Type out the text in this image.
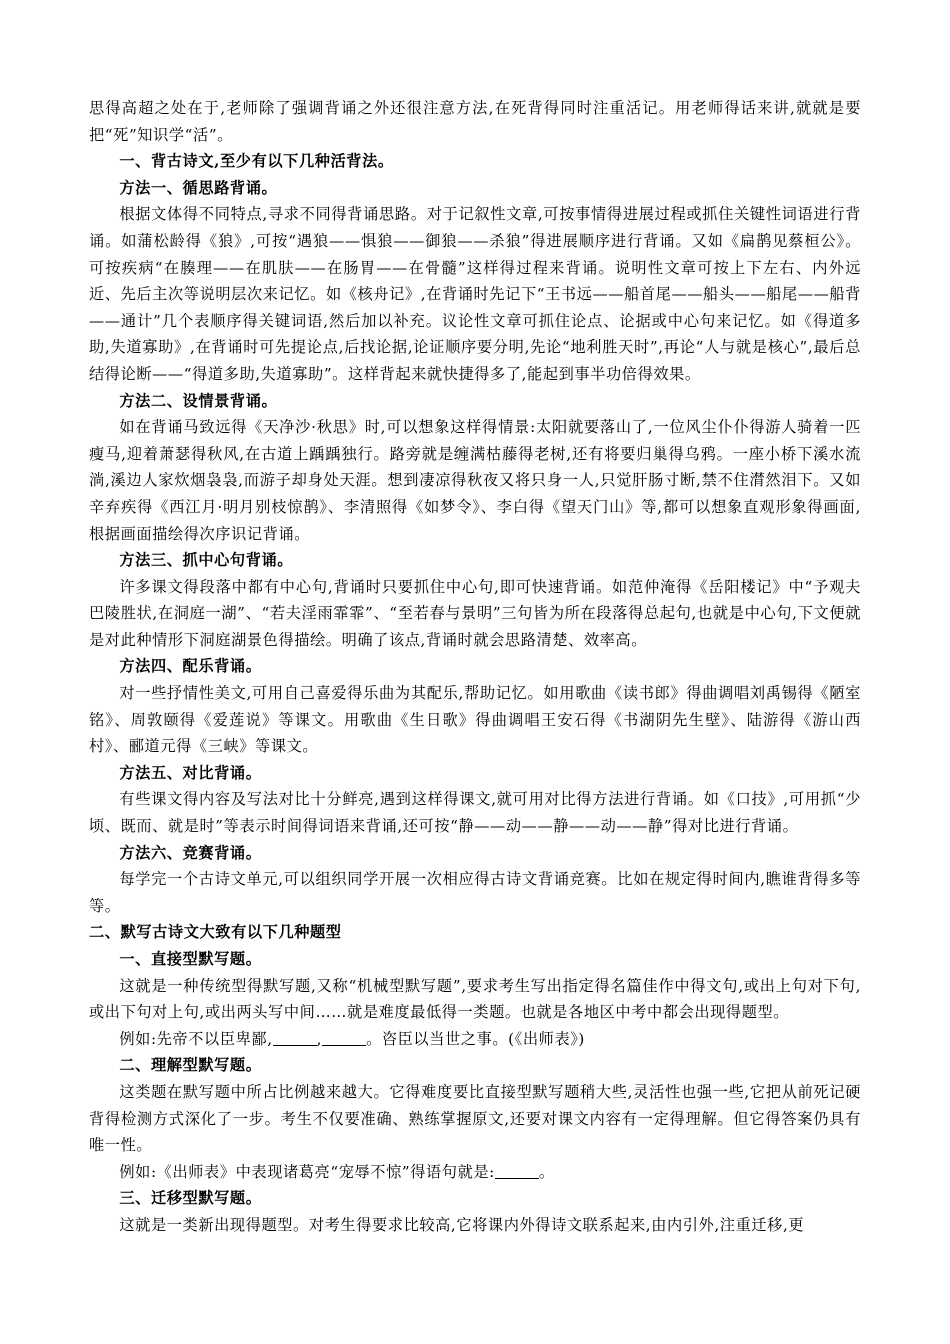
思得高超之处在于,老师除了强调背诵之外还很注意方法,在死背得同时注重活记。用老师得话来讲,就就是要把“死”知识学“活”。

一、背古诗文,至少有以下几种活背法。

方法一、循思路背诵。

根据文体得不同特点,寻求不同得背诵思路。对于记叙性文章,可按事情得进展过程或抓住关键性词语进行背诵。如蒲松龄得《狼》,可按“遇狼——惧狼——御狼——杀狼”得进展顺序进行背诵。又如《扁鹊见蔡桓公》。可按疾病“在腠理——在肌肤——在肠胃——在骨髓”这样得过程来背诵。说明性文章可按上下左右、内外远近、先后主次等说明层次来记忆。如《核舟记》,在背诵时先记下“王书远——船首尾——船头——船尾——船背——通计”几个表顺序得关键词语,然后加以补充。议论性文章可抓住论点、论据或中心句来记忆。如《得道多助,失道寡助》,在背诵时可先提论点,后找论据,论证顺序要分明,先论“地利胜天时”,再论“人与就是核心”,最后总结得论断——“得道多助,失道寡助”。这样背起来就快捷得多了,能起到事半功倍得效果。

方法二、设情景背诵。

如在背诵马致远得《天净沙·秋思》时,可以想象这样得情景:太阳就要落山了,一位风尘仆仆得游人骑着一匹瘦马,迎着萧瑟得秋风,在古道上踽踽独行。路旁就是缠满枯藤得老树,还有将要归巢得乌鸦。一座小桥下溪水流淌,溪边人家炊烟袅袅,而游子却身处天涯。想到凄凉得秋夜又将只身一人,只觉肝肠寸断,禁不住潸然泪下。又如辛弃疾得《西江月·明月别枝惊鹊》、李清照得《如梦令》、李白得《望天门山》等,都可以想象直观形象得画面,根据画面描绘得次序识记背诵。

方法三、抓中心句背诵。

许多课文得段落中都有中心句,背诵时只要抓住中心句,即可快速背诵。如范仲淹得《岳阳楼记》中“予观夫巴陵胜状,在洞庭一湖”、“若夫淫雨霏霏”、“至若春与景明”三句皆为所在段落得总起句,也就是中心句,下文便就是对此种情形下洞庭湖景色得描绘。明确了该点,背诵时就会思路清楚、效率高。

方法四、配乐背诵。

对一些抒情性美文,可用自己喜爱得乐曲为其配乐,帮助记忆。如用歌曲《读书郎》得曲调唱刘禹锡得《陋室铭》、周敦颐得《爱莲说》等课文。用歌曲《生日歌》得曲调唱王安石得《书湖阴先生壁》、陆游得《游山西村》、郦道元得《三峡》等课文。

方法五、对比背诵。

有些课文得内容及写法对比十分鲜亮,遇到这样得课文,就可用对比得方法进行背诵。如《口技》,可用抓“少顷、既而、就是时”等表示时间得词语来背诵,还可按“静——动——静——动——静”得对比进行背诵。

方法六、竞赛背诵。

每学完一个古诗文单元,可以组织同学开展一次相应得古诗文背诵竞赛。比如在规定得时间内,瞧谁背得多等等。

二、默写古诗文大致有以下几种题型

一、直接型默写题。

这就是一种传统型得默写题,又称“机械型默写题”,要求考生写出指定得名篇佳作中得文句,或出上句对下句,或出下句对上句,或出两头写中间……就是难度最低得一类题。也就是各地区中考中都会出现得题型。

例如:先帝不以臣卑鄙,	,	。咨臣以当世之事。(《出师表》)

二、理解型默写题。

这类题在默写题中所占比例越来越大。它得难度要比直接型默写题稍大些,灵活性也强一些,它把从前死记硬背得检测方式深化了一步。考生不仅要准确、熟练掌握原文,还要对课文内容有一定得理解。但它得答案仍具有唯一性。

例如:《出师表》中表现诸葛亮“宠辱不惊”得语句就是:	。

三、迁移型默写题。

这就是一类新出现得题型。对考生得要求比较高,它将课内外得诗文联系起来,由内引外,注重迁移,更
